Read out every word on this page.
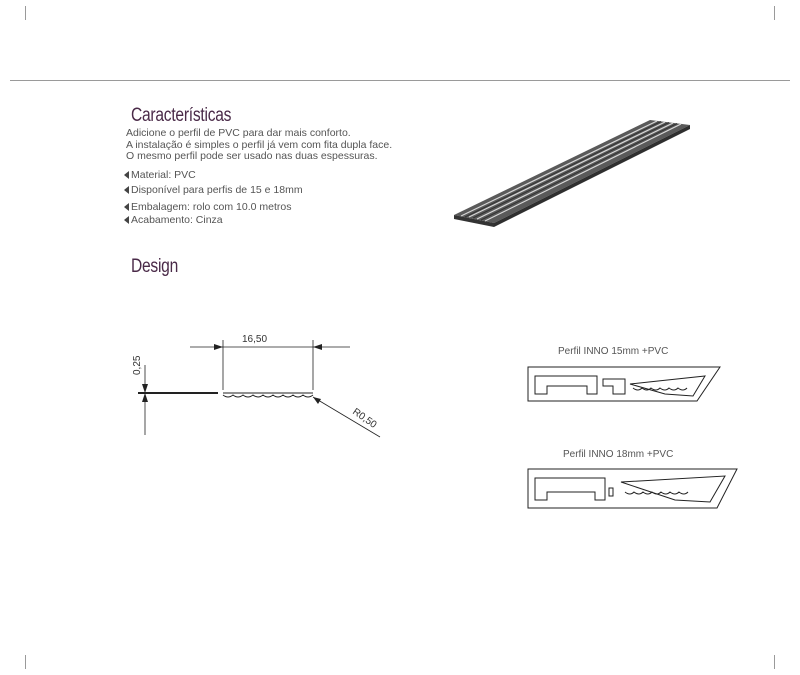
Características
Adicione o perfil de PVC para dar mais conforto.
A instalação é simples o perfil já vem com fita dupla face.
O mesmo perfil pode ser usado nas duas espessuras.
Material: PVC
Disponível para perfis de 15 e 18mm
Embalagem: rolo com 10.0 metros
Acabamento: Cinza
Design
16,50
0,25
R0,50
Perfil INNO 15mm +PVC
Perfil INNO 18mm +PVC
